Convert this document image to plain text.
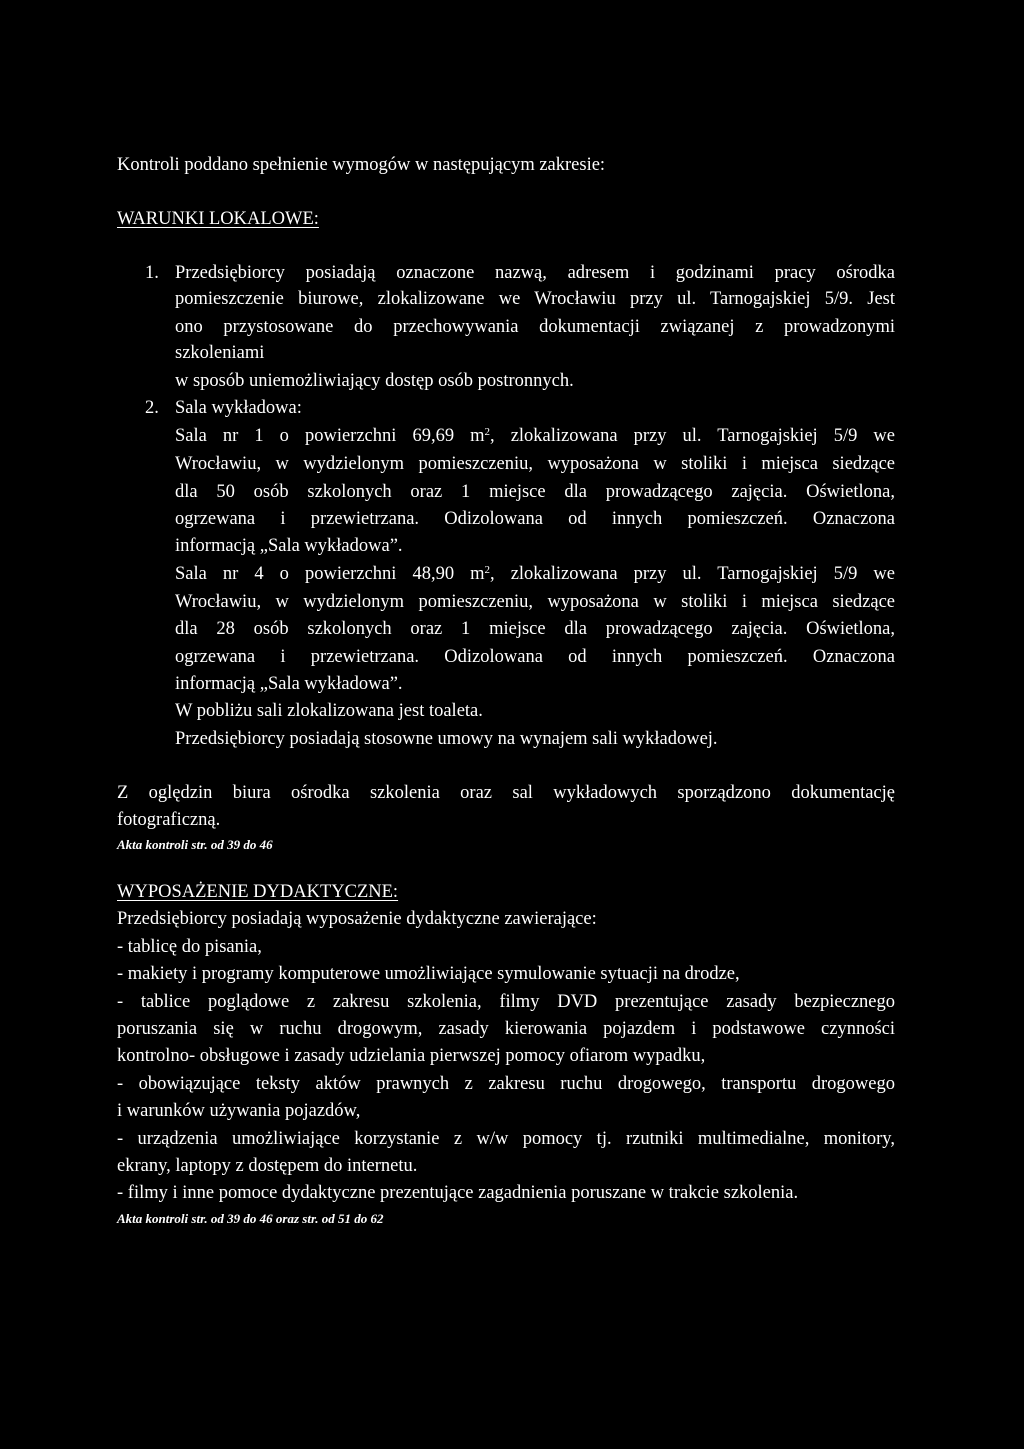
Kontroli poddano spełnienie wymogów w następującym zakresie:
WARUNKI LOKALOWE:
1. Przedsiębiorcy posiadają oznaczone nazwą, adresem i godzinami pracy ośrodka
pomieszczenie biurowe, zlokalizowane we Wrocławiu przy ul. Tarnogajskiej 5/9. Jest
ono przystosowane do przechowywania dokumentacji związanej z prowadzonymi
szkoleniami
w sposób uniemożliwiający dostęp osób postronnych.
2. Sala wykładowa:
Sala nr 1 o powierzchni 69,69 $m^2$, zlokalizowana przy ul. Tarnogajskiej 5/9 we
Wrocławiu, w wydzielonym pomieszczeniu, wyposażona w stoliki i miejsca siedzące
dla 50 osób szkolonych oraz 1 miejsce dla prowadzącego zajęcia. Oświetlona,
ogrzewana i przewietrzana. Odizolowana od innych pomieszczeń. Oznaczona
informacją „Sala wykładowa”.
Sala nr 4 o powierzchni 48,90 $m^2$, zlokalizowana przy ul. Tarnogajskiej 5/9 we
Wrocławiu, w wydzielonym pomieszczeniu, wyposażona w stoliki i miejsca siedzące
dla 28 osób szkolonych oraz 1 miejsce dla prowadzącego zajęcia. Oświetlona,
ogrzewana i przewietrzana. Odizolowana od innych pomieszczeń. Oznaczona
informacją „Sala wykładowa”.
W pobliżu sali zlokalizowana jest toaleta.
Przedsiębiorcy posiadają stosowne umowy na wynajem sali wykładowej.
Z oględzin biura ośrodka szkolenia oraz sal wykładowych sporządzono dokumentację
fotograficzną.
Akta kontroli str. od 39 do 46
WYPOSAŻENIE DYDAKTYCZNE:
Przedsiębiorcy posiadają wyposażenie dydaktyczne zawierające:
- tablicę do pisania,
- makiety i programy komputerowe umożliwiające symulowanie sytuacji na drodze,
- tablice poglądowe z zakresu szkolenia, filmy DVD prezentujące zasady bezpiecznego
poruszania się w ruchu drogowym, zasady kierowania pojazdem i podstawowe czynności
kontrolno- obsługowe i zasady udzielania pierwszej pomocy ofiarom wypadku,
- obowiązujące teksty aktów prawnych z zakresu ruchu drogowego, transportu drogowego
i warunków używania pojazdów,
- urządzenia umożliwiające korzystanie z w/w pomocy tj. rzutniki multimedialne, monitory,
ekrany, laptopy z dostępem do internetu.
- filmy i inne pomoce dydaktyczne prezentujące zagadnienia poruszane w trakcie szkolenia.
Akta kontroli str. od 39 do 46 oraz str. od 51 do 62
